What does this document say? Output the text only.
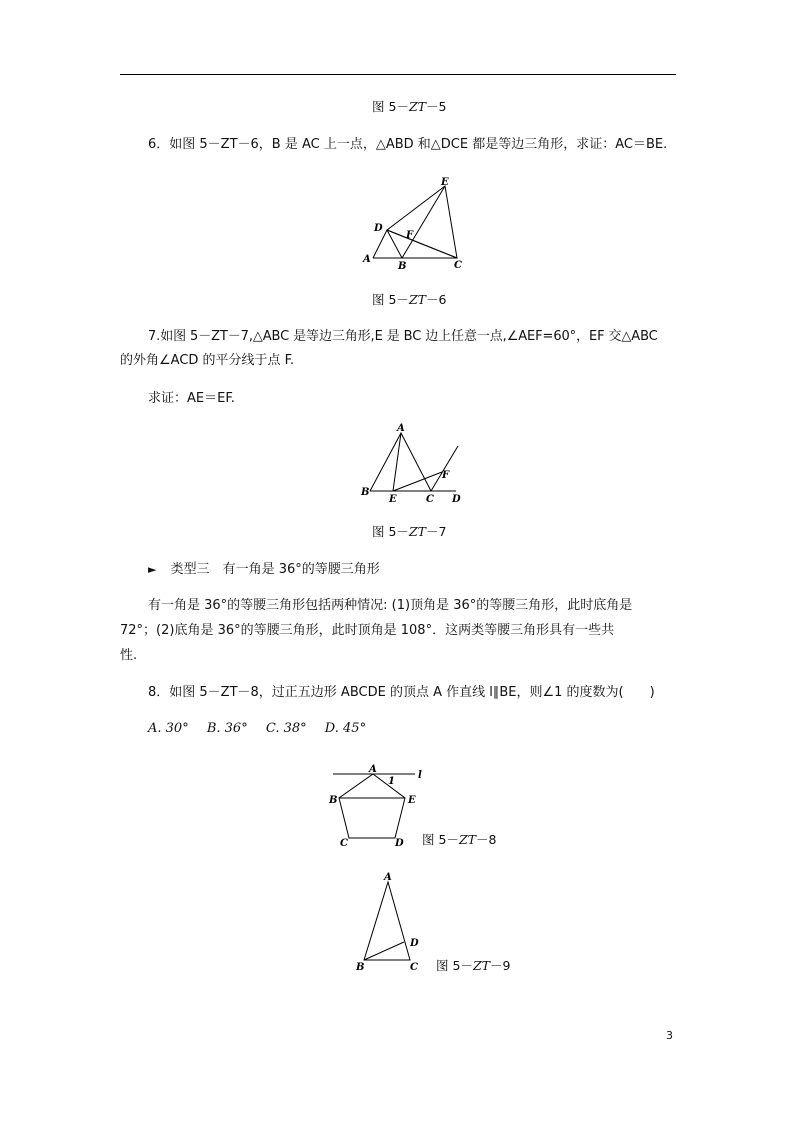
图 5－ZT－5
6．如图 5－ZT－6，B 是 AC 上一点，△ABD 和△DCE 都是等边三角形，求证：AC＝BE.
A
B	C
D
E
F
图 5－ZT－6
7.如图 5－ZT－7,△ABC 是等边三角形,E 是 BC 边上任意一点,∠AEF=60°，EF 交△ABC
的外角∠ACD 的平分线于点 F.
求证：AE＝EF.
A
B
E	C D
F
图 5－ZT－7
► 类型三　有一角是 36°的等腰三角形
有一角是 36°的等腰三角形包括两种情况: (1)顶角是 36°的等腰三角形，此时底角是
72°；(2)底角是 36°的等腰三角形，此时顶角是 108°．这两类等腰三角形具有一些共
性.
8．如图 5－ZT－8，过正五边形 ABCDE 的顶点 A 作直线 l∥BE，则∠1 的度数为(　　)
A. 30° B. 36° C. 38° D. 45°
A
1
l
B	E
C	D 图 5－ZT－8
A
B	C
D
图 5－ZT－9
3
